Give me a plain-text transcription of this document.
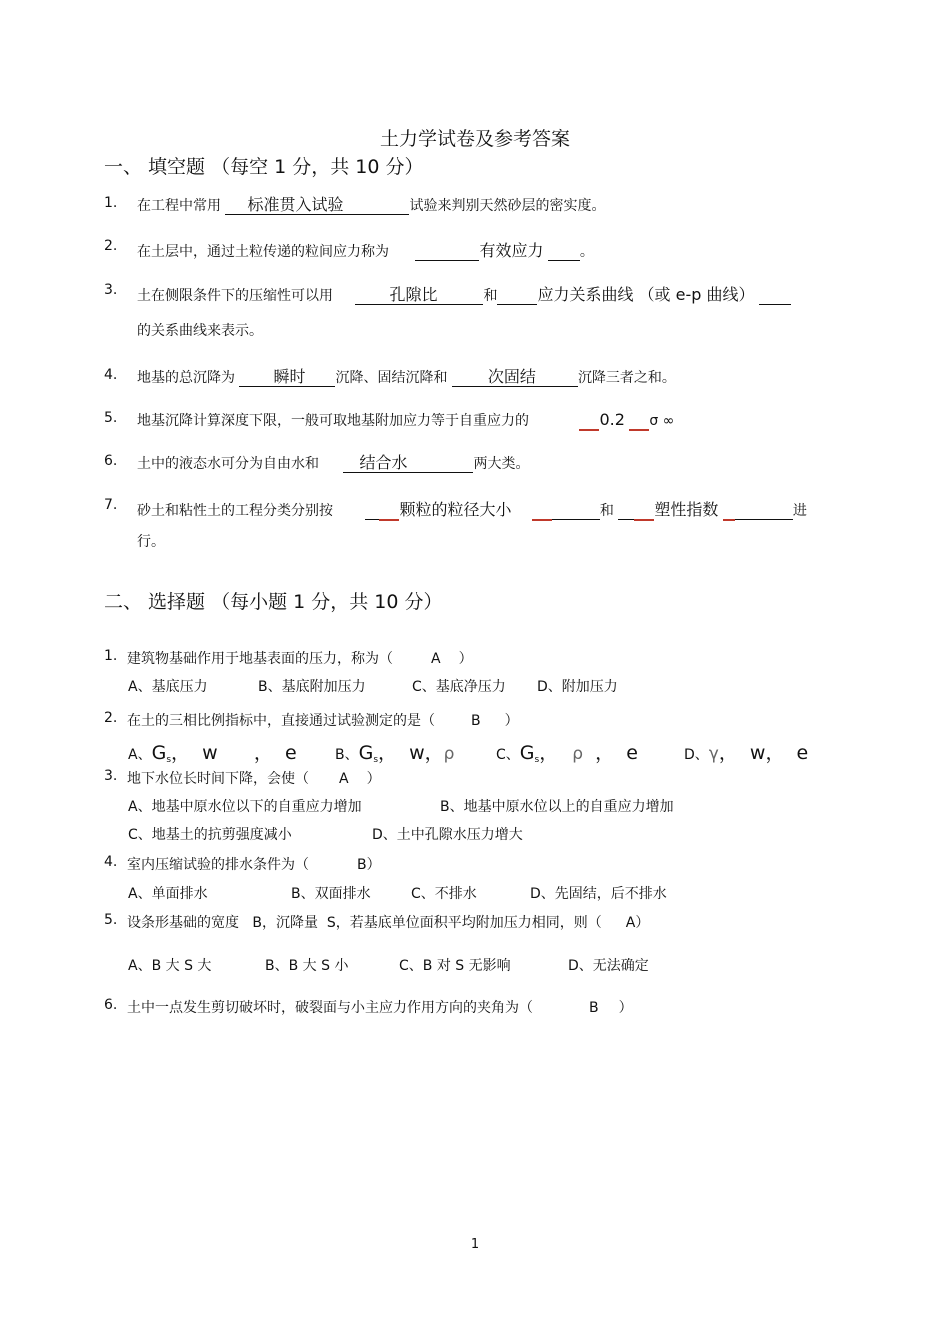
土力学试卷及参考答案
一、 填空题 （每空 1 分，共 10 分）
1. 在工程中常用 标准贯入试验	试验来判别天然砂层的密实度。
2. 在土层中，通过土粒传递的粒间应力称为	有效应力	。
3. 土在侧限条件下的压缩性可以用	孔隙比	和	应力关系曲线 （或 e-p 曲线）
的关系曲线来表示。
4. 地基的总沉降为 瞬时 沉降、固结沉降和	次固结	沉降三者之和。
5. 地基沉降计算深度下限，一般可取地基附加应力等于自重应力的	0.2 σ ∞
6. 土中的液态水可分为自由水和	结合水	两大类。
7. 砂土和粘性土的工程分类分别按	颗粒的粒径大小	和	塑性指数	进
行。
二、 选择题 （每小题 1 分，共 10 分）
1. 建筑物基础作用于地基表面的压力，称为（	A ）
A、基底压力	B、基底附加压力	C、基底净压力 D、附加压力
2. 在土的三相比例指标中，直接通过试验测定的是（	B ）
A、$G_s$，  w      ，  e	B、$G_s$，  w，ρ	C、$G_s$， ρ  ，  e	D、γ，  w，  e
3. 地下水位长时间下降，会使（ A ）
A、地基中原水位以下的自重应力增加	B、地基中原水位以上的自重应力增加
C、地基土的抗剪强度减小	D、土中孔隙水压力增大
4. 室内压缩试验的排水条件为（	B）
A、单面排水	B、双面排水	C、不排水	D、先固结，后不排水
5. 设条形基础的宽度   B，沉降量  S，若基底单位面积平均附加压力相同，则（ A）
A、B 大 S 大	B、B 大 S 小	C、B 对 S 无影响	D、无法确定
6. 土中一点发生剪切破坏时，破裂面与小主应力作用方向的夹角为（	B ）
1
